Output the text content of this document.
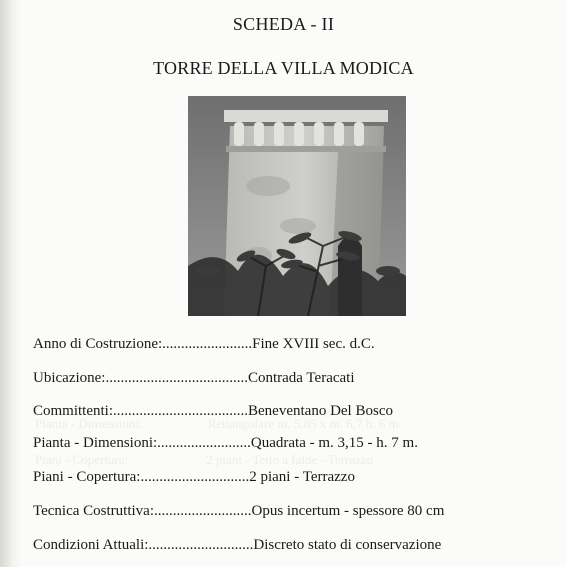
SCHEDA - II
TORRE DELLA VILLA MODICA
Pianta - Dimensioni:	Rettangolare m. 5,85 x m. 6,7 h. 6 m.
Piani - Copertura:	2 piani - Tetto a falde - Terrazzo
Anno di Costruzione:........................Fine XVIII sec. d.C.
Ubicazione:......................................Contrada Teracati
Committenti:....................................Beneventano Del Bosco
Pianta - Dimensioni:.........................Quadrata - m. 3,15 - h. 7 m.
Piani - Copertura:.............................2 piani - Terrazzo
Tecnica Costruttiva:..........................Opus incertum - spessore 80 cm
Condizioni Attuali:............................Discreto stato di conservazione
